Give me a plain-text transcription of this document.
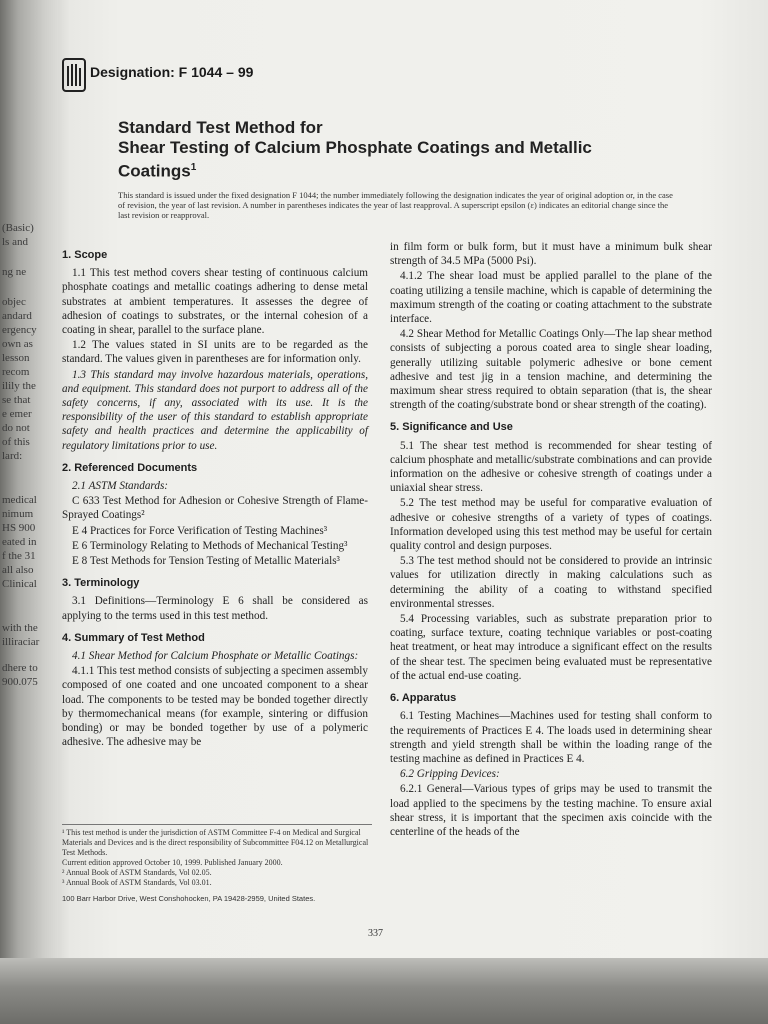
(Basic)
ls and
ng ne
objec
andard
ergency
own as
lesson
recom
ilily the
se that
e emer
do not
of this
lard:
medical
nimum
HS 900
eated in
f the 31
all also
Clinical
with the
illiraciar
dhere to
900.075
Designation: F 1044 – 99
Standard Test Method for
Shear Testing of Calcium Phosphate Coatings and Metallic Coatings$^1$
This standard is issued under the fixed designation F 1044; the number immediately following the designation indicates the year of original adoption or, in the case of revision, the year of last revision. A number in parentheses indicates the year of last reapproval. A superscript epsilon (ε) indicates an editorial change since the last revision or reapproval.
1. Scope

1.1 This test method covers shear testing of continuous calcium phosphate coatings and metallic coatings adhering to dense metal substrates at ambient temperatures. It assesses the degree of adhesion of coatings to substrates, or the internal cohesion of a coating in shear, parallel to the surface plane.

1.2 The values stated in SI units are to be regarded as the standard. The values given in parentheses are for information only.

1.3 This standard may involve hazardous materials, operations, and equipment. This standard does not purport to address all of the safety concerns, if any, associated with its use. It is the responsibility of the user of this standard to establish appropriate safety and health practices and determine the applicability of regulatory limitations prior to use.

2. Referenced Documents

2.1 ASTM Standards:

C 633 Test Method for Adhesion or Cohesive Strength of Flame-Sprayed Coatings²

E 4 Practices for Force Verification of Testing Machines³

E 6 Terminology Relating to Methods of Mechanical Testing³

E 8 Test Methods for Tension Testing of Metallic Materials³

3. Terminology

3.1 Definitions—Terminology E 6 shall be considered as applying to the terms used in this test method.

4. Summary of Test Method

4.1 Shear Method for Calcium Phosphate or Metallic Coatings:

4.1.1 This test method consists of subjecting a specimen assembly composed of one coated and one uncoated component to a shear load. The components to be tested may be bonded together directly by thermomechanical means (for example, sintering or diffusion bonding) or may be bonded together by use of a polymeric adhesive. The adhesive may be

in film form or bulk form, but it must have a minimum bulk shear strength of 34.5 MPa (5000 Psi).

4.1.2 The shear load must be applied parallel to the plane of the coating utilizing a tensile machine, which is capable of determining the maximum strength of the coating or coating attachment to the substrate interface.

4.2 Shear Method for Metallic Coatings Only—The lap shear method consists of subjecting a porous coated area to single shear loading, generally utilizing suitable polymeric adhesive or bone cement adhesive and test jig in a tension machine, and determining the maximum shear stress required to obtain separation (that is, the shear strength of the coating/substrate bond or shear strength of the coating).

5. Significance and Use

5.1 The shear test method is recommended for shear testing of calcium phosphate and metallic/substrate combinations and can provide information on the adhesive or cohesive strength of coatings under a uniaxial shear stress.

5.2 The test method may be useful for comparative evaluation of adhesive or cohesive strengths of a variety of types of coatings. Information developed using this test method may be useful for certain quality control and design purposes.

5.3 The test method should not be considered to provide an intrinsic values for utilization directly in making calculations such as determining the ability of a coating to withstand specified environmental stresses.

5.4 Processing variables, such as substrate preparation prior to coating, surface texture, coating technique variables or post-coating heat treatment, or heat may introduce a significant effect on the results of the shear test. The specimen being evaluated must be representative of the actual end-use coating.

6. Apparatus

6.1 Testing Machines—Machines used for testing shall conform to the requirements of Practices E 4. The loads used in determining shear strength and yield strength shall be within the loading range of the testing machine as defined in Practices E 4.

6.2 Gripping Devices:

6.2.1 General—Various types of grips may be used to transmit the load applied to the specimens by the testing machine. To ensure axial shear stress, it is important that the specimen axis coincide with the centerline of the heads of the

¹ This test method is under the jurisdiction of ASTM Committee F-4 on Medical and Surgical Materials and Devices and is the direct responsibility of Subcommittee F04.12 on Metallurgical Test Methods.
Current edition approved October 10, 1999. Published January 2000.
² Annual Book of ASTM Standards, Vol 02.05.
³ Annual Book of ASTM Standards, Vol 03.01.
100 Barr Harbor Drive, West Conshohocken, PA 19428-2959, United States.
337
